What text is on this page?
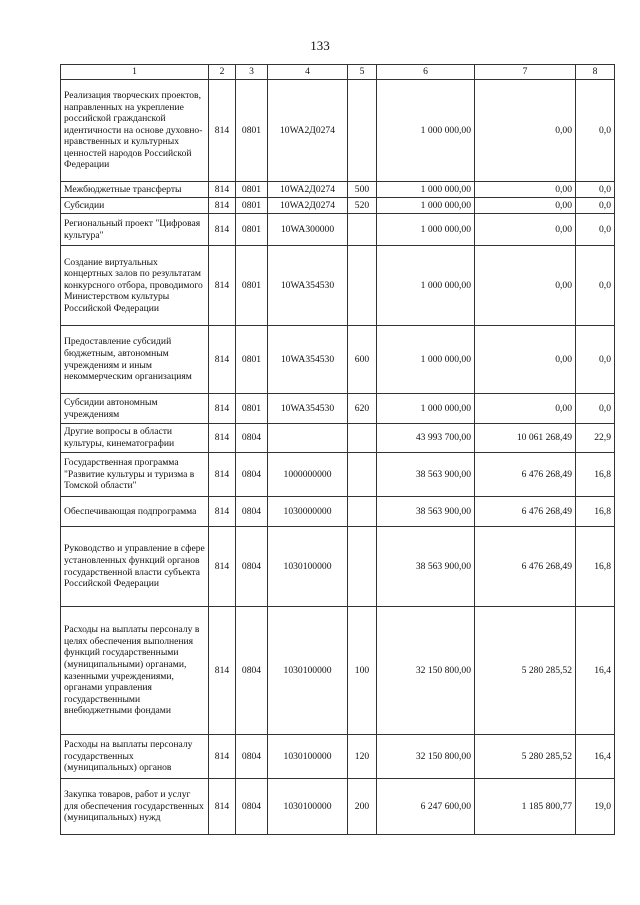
133
1	2	3	4	5	6	7	8
Реализация творческих проектов, направленных на укрепление российской гражданской идентичности на основе духовно-нравственных и культурных ценностей народов Российской Федерации	814	0801	10WA2Д0274		1 000 000,00	0,00	0,0
Межбюджетные трансферты	814	0801	10WA2Д0274	500	1 000 000,00	0,00	0,0
Субсидии	814	0801	10WA2Д0274	520	1 000 000,00	0,00	0,0
Региональный проект "Цифровая культура"	814	0801	10WA300000		1 000 000,00	0,00	0,0
Создание виртуальных концертных залов по результатам конкурсного отбора, проводимого Министерством культуры Российской Федерации	814	0801	10WA354530		1 000 000,00	0,00	0,0
Предоставление субсидий бюджетным, автономным учреждениям и иным некоммерческим организациям	814	0801	10WA354530	600	1 000 000,00	0,00	0,0
Субсидии автономным учреждениям	814	0801	10WA354530	620	1 000 000,00	0,00	0,0
Другие вопросы в области культуры, кинематографии	814	0804			43 993 700,00	10 061 268,49	22,9
Государственная программа "Развитие культуры и туризма в Томской области"	814	0804	1000000000		38 563 900,00	6 476 268,49	16,8
Обеспечивающая подпрограмма	814	0804	1030000000		38 563 900,00	6 476 268,49	16,8
Руководство и управление в сфере установленных функций органов государственной власти субъекта Российской Федерации	814	0804	1030100000		38 563 900,00	6 476 268,49	16,8
Расходы на выплаты персоналу в целях обеспечения выполнения функций государственными (муниципальными) органами, казенными учреждениями, органами управления государственными внебюджетными фондами	814	0804	1030100000	100	32 150 800,00	5 280 285,52	16,4
Расходы на выплаты персоналу государственных (муниципальных) органов	814	0804	1030100000	120	32 150 800,00	5 280 285,52	16,4
Закупка товаров, работ и услуг для обеспечения государственных (муниципальных) нужд	814	0804	1030100000	200	6 247 600,00	1 185 800,77	19,0
